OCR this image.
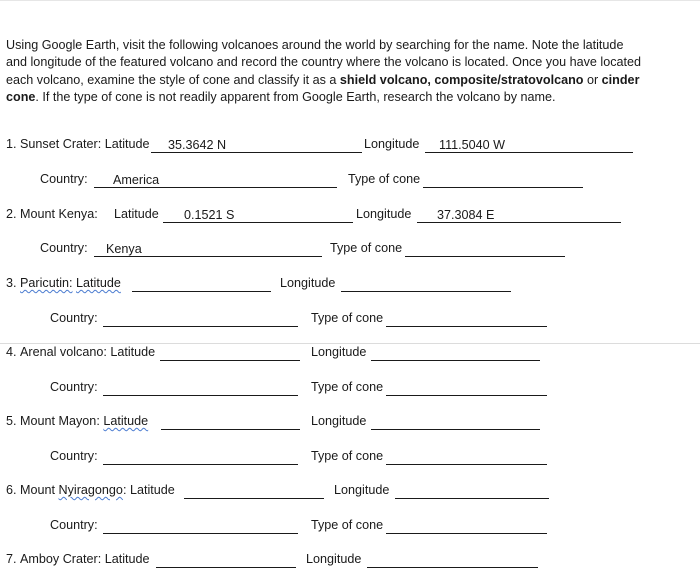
Using Google Earth, visit the following volcanoes around the world by searching for the name. Note the latitude and longitude of the featured volcano and record the country where the volcano is located. Once you have located each volcano, examine the style of cone and classify it as a shield volcano, composite/stratovolcano or cinder cone. If the type of cone is not readily apparent from Google Earth, research the volcano by name.

1.
Sunset Crater: Latitude 35.3642 N	Longitude 111.5040 W
Country: America	Type of cone
2.
Mount Kenya: Latitude 0.1521 S	Longitude 37.3084 E
Country: Kenya	Type of cone
3.
Paricutin:
Latitude	Longitude
Country:	Type of cone
4.
Arenal volcano: Latitude	Longitude
Country:	Type of cone
5.
Mount Mayon:
Latitude	Longitude
Country:	Type of cone
6.
Mount
Nyiragongo : Latitude	Longitude
Country:	Type of cone
7.
Amboy Crater: Latitude	Longitude
